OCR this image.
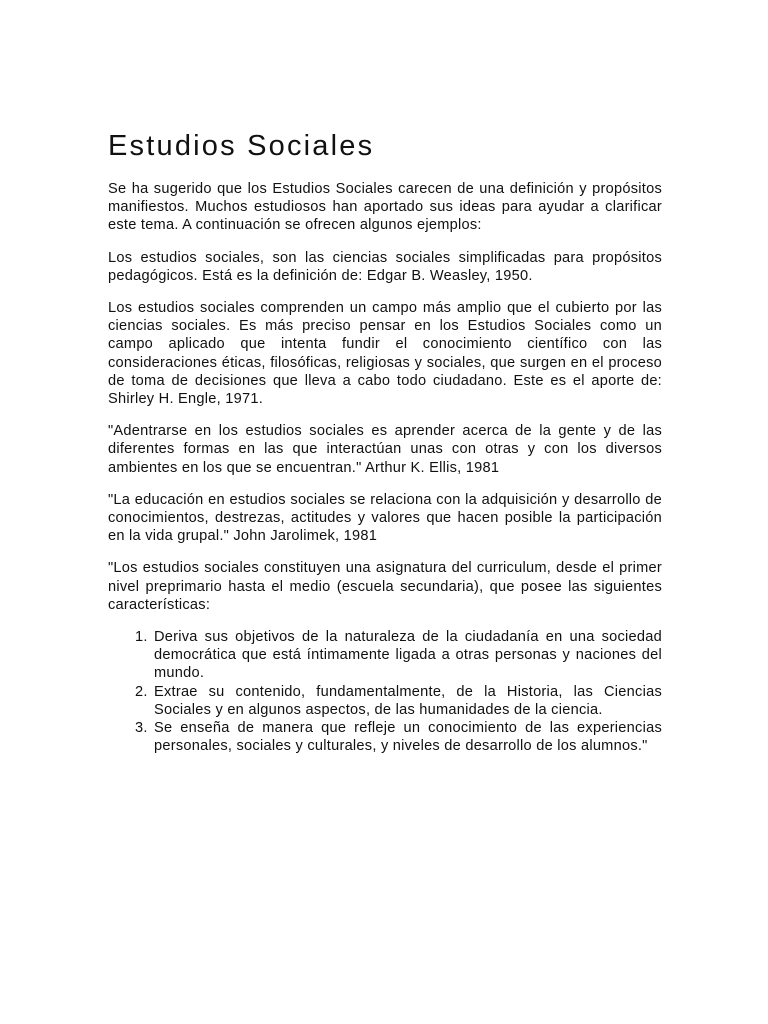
Estudios Sociales

Se ha sugerido que los Estudios Sociales carecen de una definición y propósitos manifiestos. Muchos estudiosos han aportado sus ideas para ayudar a clarificar este tema. A continuación se ofrecen algunos ejemplos:

Los estudios sociales, son las ciencias sociales simplificadas para propósitos pedagógicos. Está es la definición de: Edgar B. Weasley, 1950.

Los estudios sociales comprenden un campo más amplio que el cubierto por las ciencias sociales. Es más preciso pensar en los Estudios Sociales como un campo aplicado que intenta fundir el conocimiento científico con las consideraciones éticas, filosóficas, religiosas y sociales, que surgen en el proceso de toma de decisiones que lleva a cabo todo ciudadano. Este es el aporte de: Shirley H. Engle, 1971.

"Adentrarse en los estudios sociales es aprender acerca de la gente y de las diferentes formas en las que interactúan unas con otras y con los diversos ambientes en los que se encuentran." Arthur K. Ellis, 1981

"La educación en estudios sociales se relaciona con la adquisición y desarrollo de conocimientos, destrezas, actitudes y valores que hacen posible la participación en la vida grupal." John Jarolimek, 1981

"Los estudios sociales constituyen una asignatura del curriculum, desde el primer nivel preprimario hasta el medio (escuela secundaria), que posee las siguientes características:

1. Deriva sus objetivos de la naturaleza de la ciudadanía en una sociedad democrática que está íntimamente ligada a otras personas y naciones del mundo.
2. Extrae su contenido, fundamentalmente, de la Historia, las Ciencias Sociales y en algunos aspectos, de las humanidades de la ciencia.
3. Se enseña de manera que refleje un conocimiento de las experiencias personales, sociales y culturales, y niveles de desarrollo de los alumnos."
